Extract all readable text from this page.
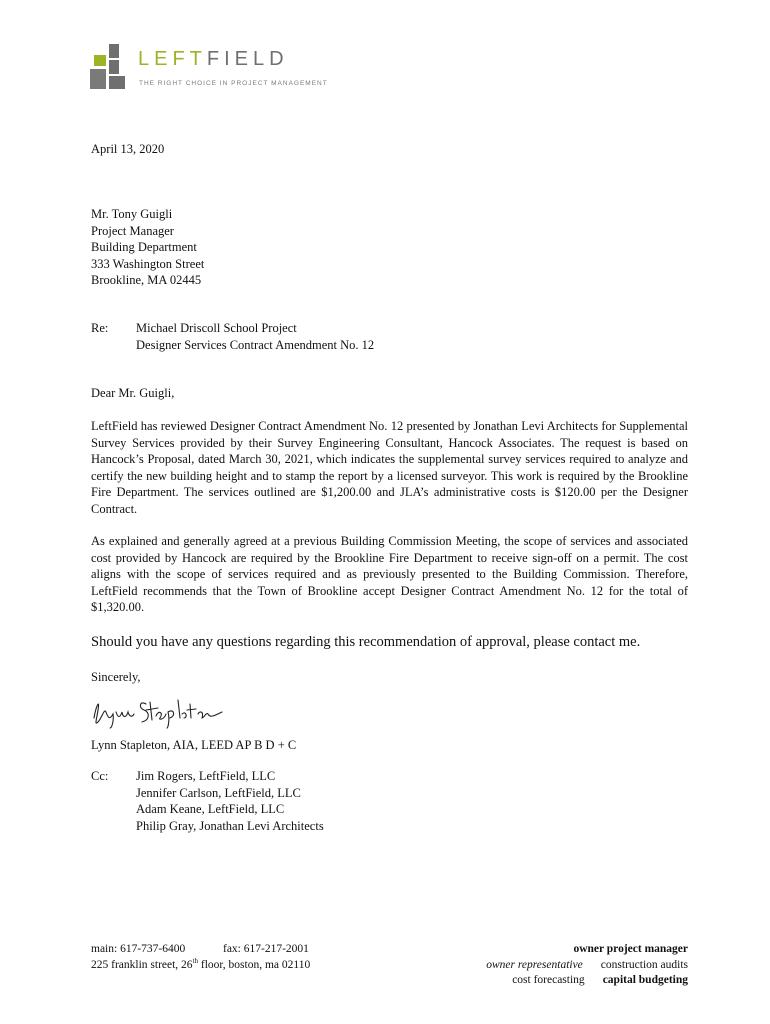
LEFTFIELD
THE RIGHT CHOICE IN PROJECT MANAGEMENT
April 13, 2020
Mr. Tony Guigli
Project Manager
Building Department
333 Washington Street
Brookline, MA 02445
Re: Michael Driscoll School Project
Designer Services Contract Amendment No. 12
Dear Mr. Guigli,
LeftField has reviewed Designer Contract Amendment No. 12 presented by Jonathan Levi Architects for Supplemental Survey Services provided by their Survey Engineering Consultant, Hancock Associates. The request is based on Hancock’s Proposal, dated March 30, 2021, which indicates the supplemental survey services required to analyze and certify the new building height and to stamp the report by a licensed surveyor. This work is required by the Brookline Fire Department. The services outlined are $1,200.00 and JLA’s administrative costs is $120.00 per the Designer Contract.
As explained and generally agreed at a previous Building Commission Meeting, the scope of services and associated cost provided by Hancock are required by the Brookline Fire Department to receive sign-off on a permit. The cost aligns with the scope of services required and as previously presented to the Building Commission. Therefore, LeftField recommends that the Town of Brookline accept Designer Contract Amendment No. 12 for the total of $1,320.00.
Should you have any questions regarding this recommendation of approval, please contact me.
Sincerely,
Lynn Stapleton, AIA, LEED AP B D + C
Cc: Jim Rogers, LeftField, LLC
Jennifer Carlson, LeftField, LLC
Adam Keane, LeftField, LLC
Philip Gray, Jonathan Levi Architects
main: 617-737-6400	fax: 617-217-2001
225 franklin street, 26th floor, boston, ma 02110
owner project manager
owner representative construction audits
cost forecasting capital budgeting
